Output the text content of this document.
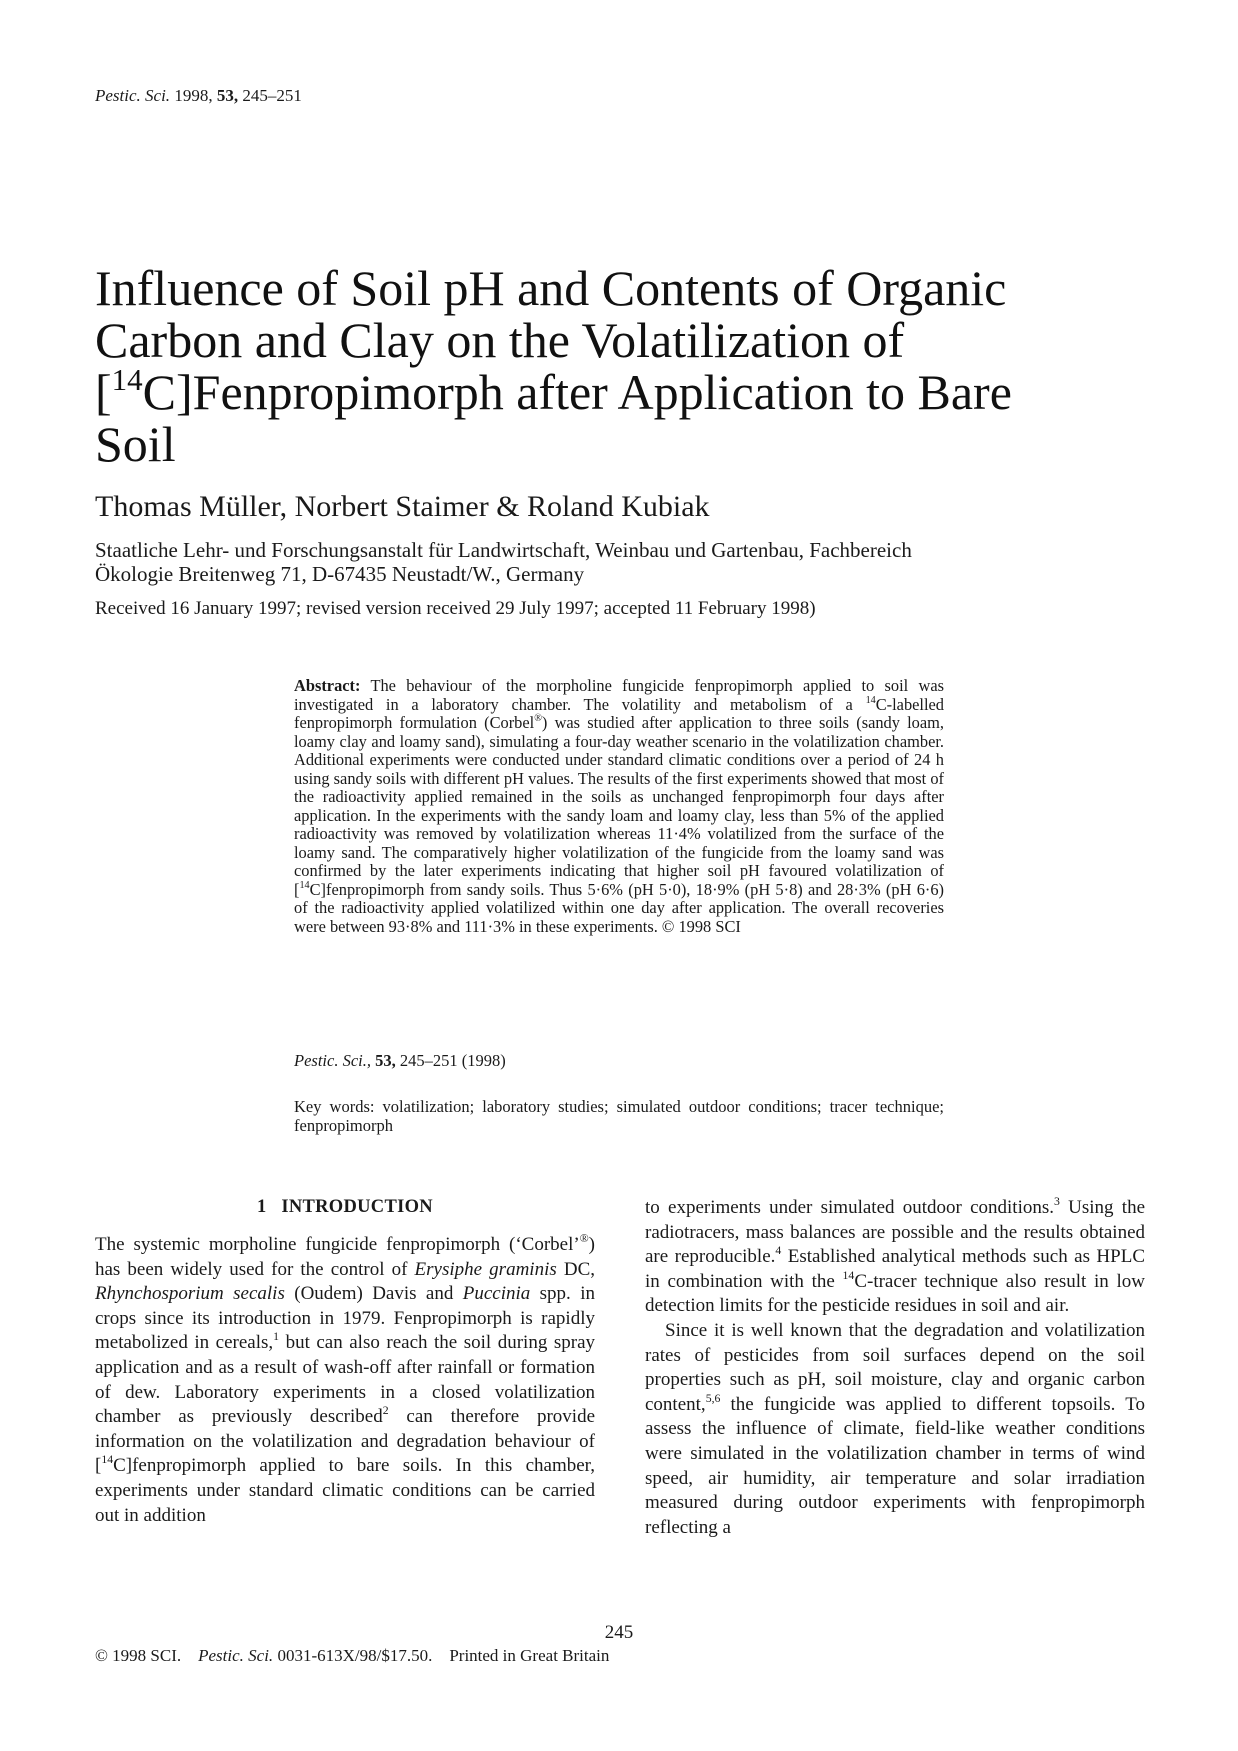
Pestic. Sci. 1998, 53, 245–251
Influence of Soil pH and Contents of Organic
Carbon and Clay on the Volatilization of
[$^{14}$C]Fenpropimorph after Application to Bare
Soil
Thomas Müller, Norbert Staimer & Roland Kubiak
Staatliche Lehr- und Forschungsanstalt für Landwirtschaft, Weinbau und Gartenbau, Fachbereich
Ökologie Breitenweg 71, D-67435 Neustadt/W., Germany
Received 16 January 1997; revised version received 29 July 1997; accepted 11 February 1998)
Abstract: The behaviour of the morpholine fungicide fenpropimorph applied to soil was investigated in a laboratory chamber. The volatility and metabolism of a $^{14}$C-labelled fenpropimorph formulation (Corbel®) was studied after application to three soils (sandy loam, loamy clay and loamy sand), simulating a four-day weather scenario in the volatilization chamber. Additional experiments were conducted under standard climatic conditions over a period of 24 h using sandy soils with different pH values. The results of the first experiments showed that most of the radioactivity applied remained in the soils as unchanged fenpropimorph four days after application. In the experiments with the sandy loam and loamy clay, less than 5% of the applied radioactivity was removed by volatilization whereas 11·4% volatilized from the surface of the loamy sand. The comparatively higher volatilization of the fungicide from the loamy sand was confirmed by the later experiments indicating that higher soil pH favoured volatilization of [$^{14}$C]fenpropimorph from sandy soils. Thus 5·6% (pH 5·0), 18·9% (pH 5·8) and 28·3% (pH 6·6) of the radioactivity applied volatilized within one day after application. The overall recoveries were between 93·8% and 111·3% in these experiments. © 1998 SCI
Pestic. Sci., 53, 245–251 (1998)
Key words: volatilization; laboratory studies; simulated outdoor conditions; tracer technique; fenpropimorph
1   INTRODUCTION
The systemic morpholine fungicide fenpropimorph (‘Corbel’®) has been widely used for the control of Erysiphe graminis DC, Rhynchosporium secalis (Oudem) Davis and Puccinia spp. in crops since its introduction in 1979. Fenpropimorph is rapidly metabolized in cereals,$^1$ but can also reach the soil during spray application and as a result of wash-off after rainfall or formation of dew. Laboratory experiments in a closed volatilization chamber as previously described$^2$ can therefore provide information on the volatilization and degradation behaviour of [$^{14}$C]fenpropimorph applied to bare soils. In this chamber, experiments under standard climatic conditions can be carried out in addition

to experiments under simulated outdoor conditions.$^3$ Using the radiotracers, mass balances are possible and the results obtained are reproducible.$^4$ Established analytical methods such as HPLC in combination with the $^{14}$C-tracer technique also result in low detection limits for the pesticide residues in soil and air.

Since it is well known that the degradation and volatilization rates of pesticides from soil surfaces depend on the soil properties such as pH, soil moisture, clay and organic carbon content,$^{5,6}$ the fungicide was applied to different topsoils. To assess the influence of climate, field-like weather conditions were simulated in the volatilization chamber in terms of wind speed, air humidity, air temperature and solar irradiation measured during outdoor experiments with fenpropimorph reflecting a

245
© 1998 SCI. Pestic. Sci. 0031-613X/98/$17.50. Printed in Great Britain
